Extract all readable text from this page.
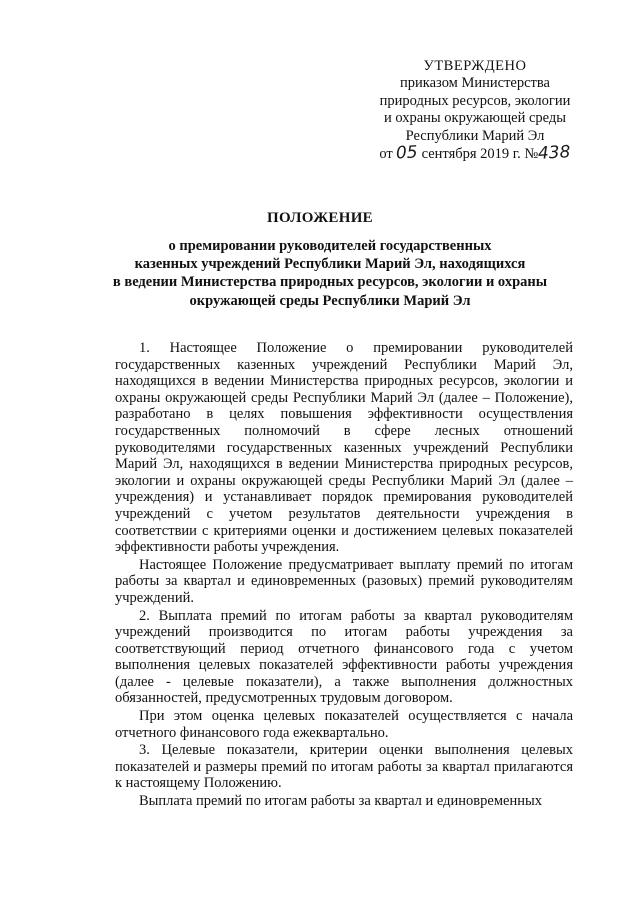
УТВЕРЖДЕНО
приказом Министерства
природных ресурсов, экологии
и охраны окружающей среды
Республики Марий Эл
от 05 сентября 2019 г. №438
ПОЛОЖЕНИЕ
о премировании руководителей государственных
казенных учреждений Республики Марий Эл, находящихся
в ведении Министерства природных ресурсов, экологии и охраны
окружающей среды Республики Марий Эл

1. Настоящее Положение о премировании руководителей государственных казенных учреждений Республики Марий Эл, находящихся в ведении Министерства природных ресурсов, экологии и охраны окружающей среды Республики Марий Эл (далее – Положение), разработано в целях повышения эффективности осуществления государственных полномочий в сфере лесных отношений руководителями государственных казенных учреждений Республики Марий Эл, находящихся в ведении Министерства природных ресурсов, экологии и охраны окружающей среды Республики Марий Эл (далее – учреждения) и устанавливает порядок премирования руководителей учреждений с учетом результатов деятельности учреждения в соответствии с критериями оценки и достижением целевых показателей эффективности работы учреждения.

Настоящее Положение предусматривает выплату премий по итогам работы за квартал и единовременных (разовых) премий руководителям учреждений.

2. Выплата премий по итогам работы за квартал руководителям учреждений производится по итогам работы учреждения за соответствующий период отчетного финансового года с учетом выполнения целевых показателей эффективности работы учреждения (далее - целевые показатели), а также выполнения должностных обязанностей, предусмотренных трудовым договором.

При этом оценка целевых показателей осуществляется с начала отчетного финансового года ежеквартально.

3. Целевые показатели, критерии оценки выполнения целевых показателей и размеры премий по итогам работы за квартал прилагаются к настоящему Положению.

Выплата премий по итогам работы за квартал и единовременных
